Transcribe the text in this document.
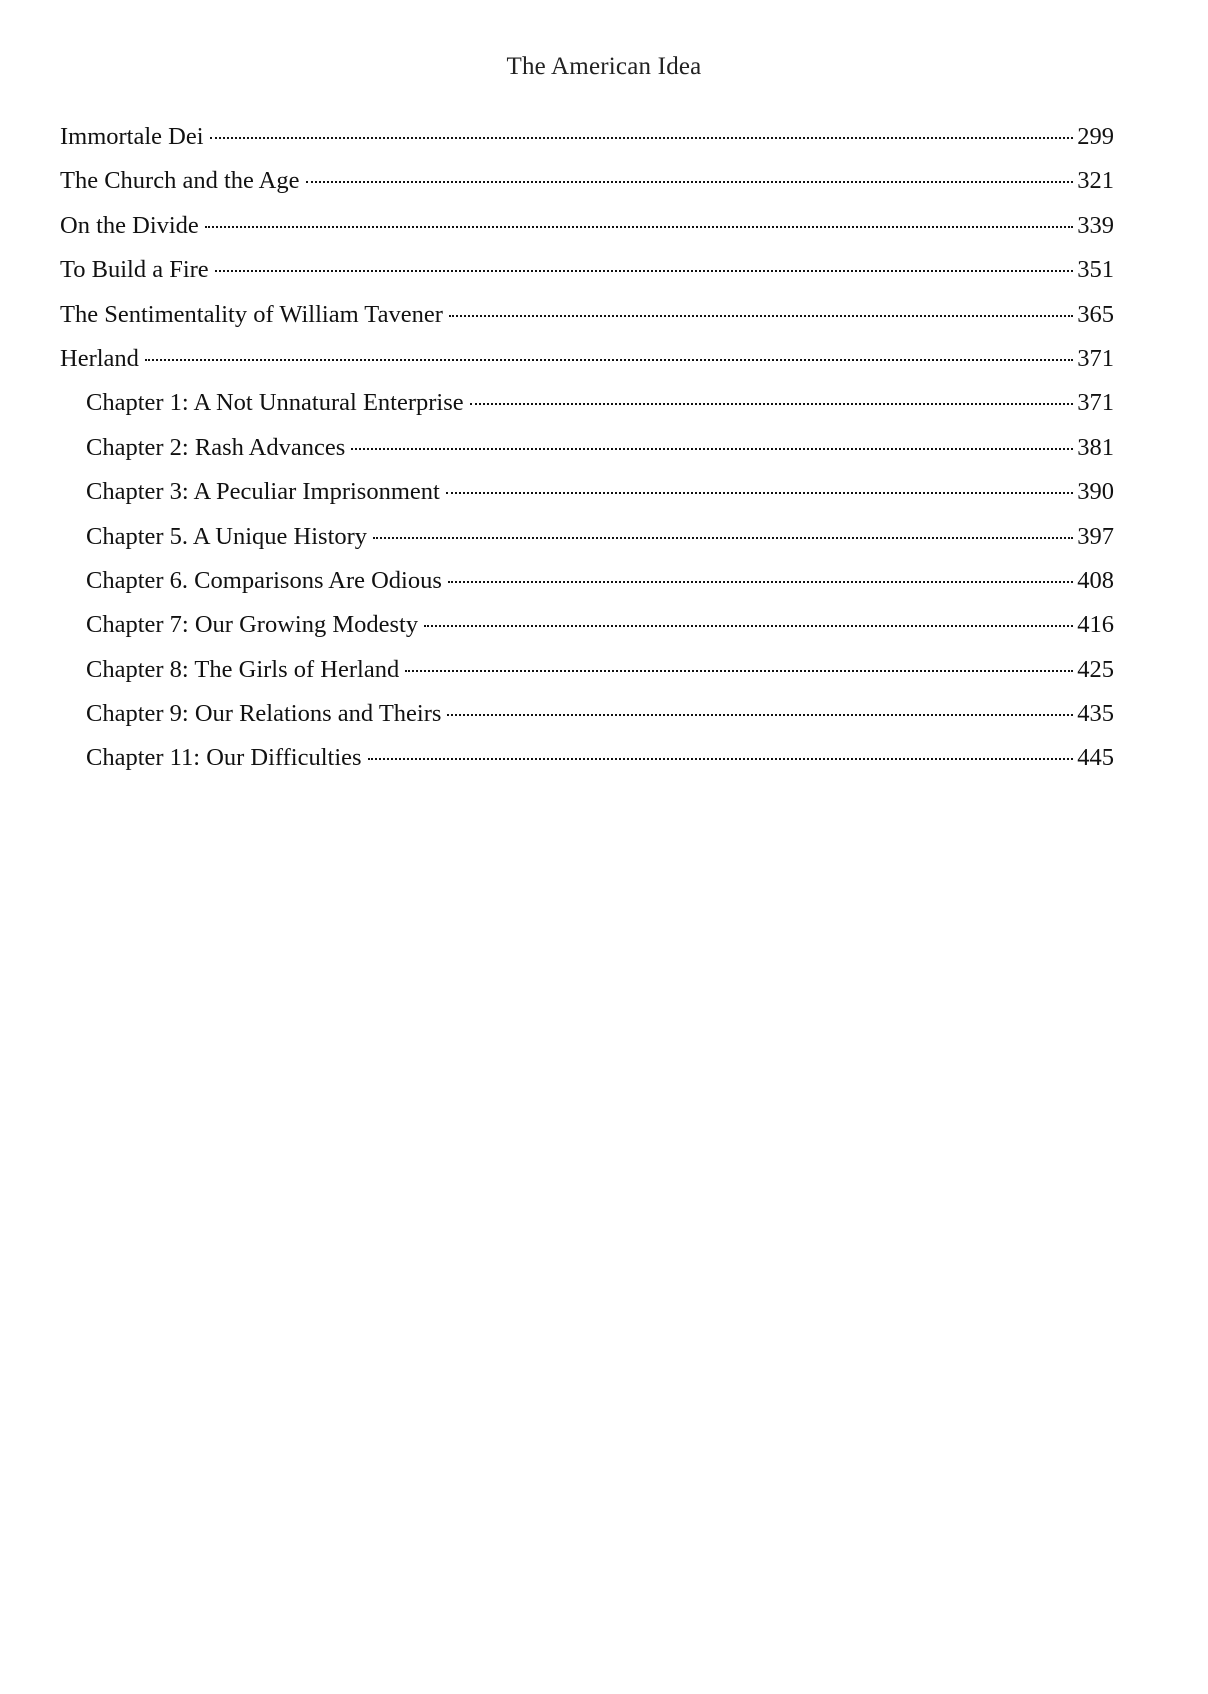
The American Idea
Immortale Dei	299
The Church and the Age	321
On the Divide	339
To Build a Fire	351
The Sentimentality of William Tavener	365
Herland	371
Chapter 1: A Not Unnatural Enterprise	371
Chapter 2: Rash Advances	381
Chapter 3: A Peculiar Imprisonment	390
Chapter 5. A Unique History	397
Chapter 6. Comparisons Are Odious	408
Chapter 7: Our Growing Modesty	416
Chapter 8: The Girls of Herland	425
Chapter 9: Our Relations and Theirs	435
Chapter 11: Our Difficulties	445
